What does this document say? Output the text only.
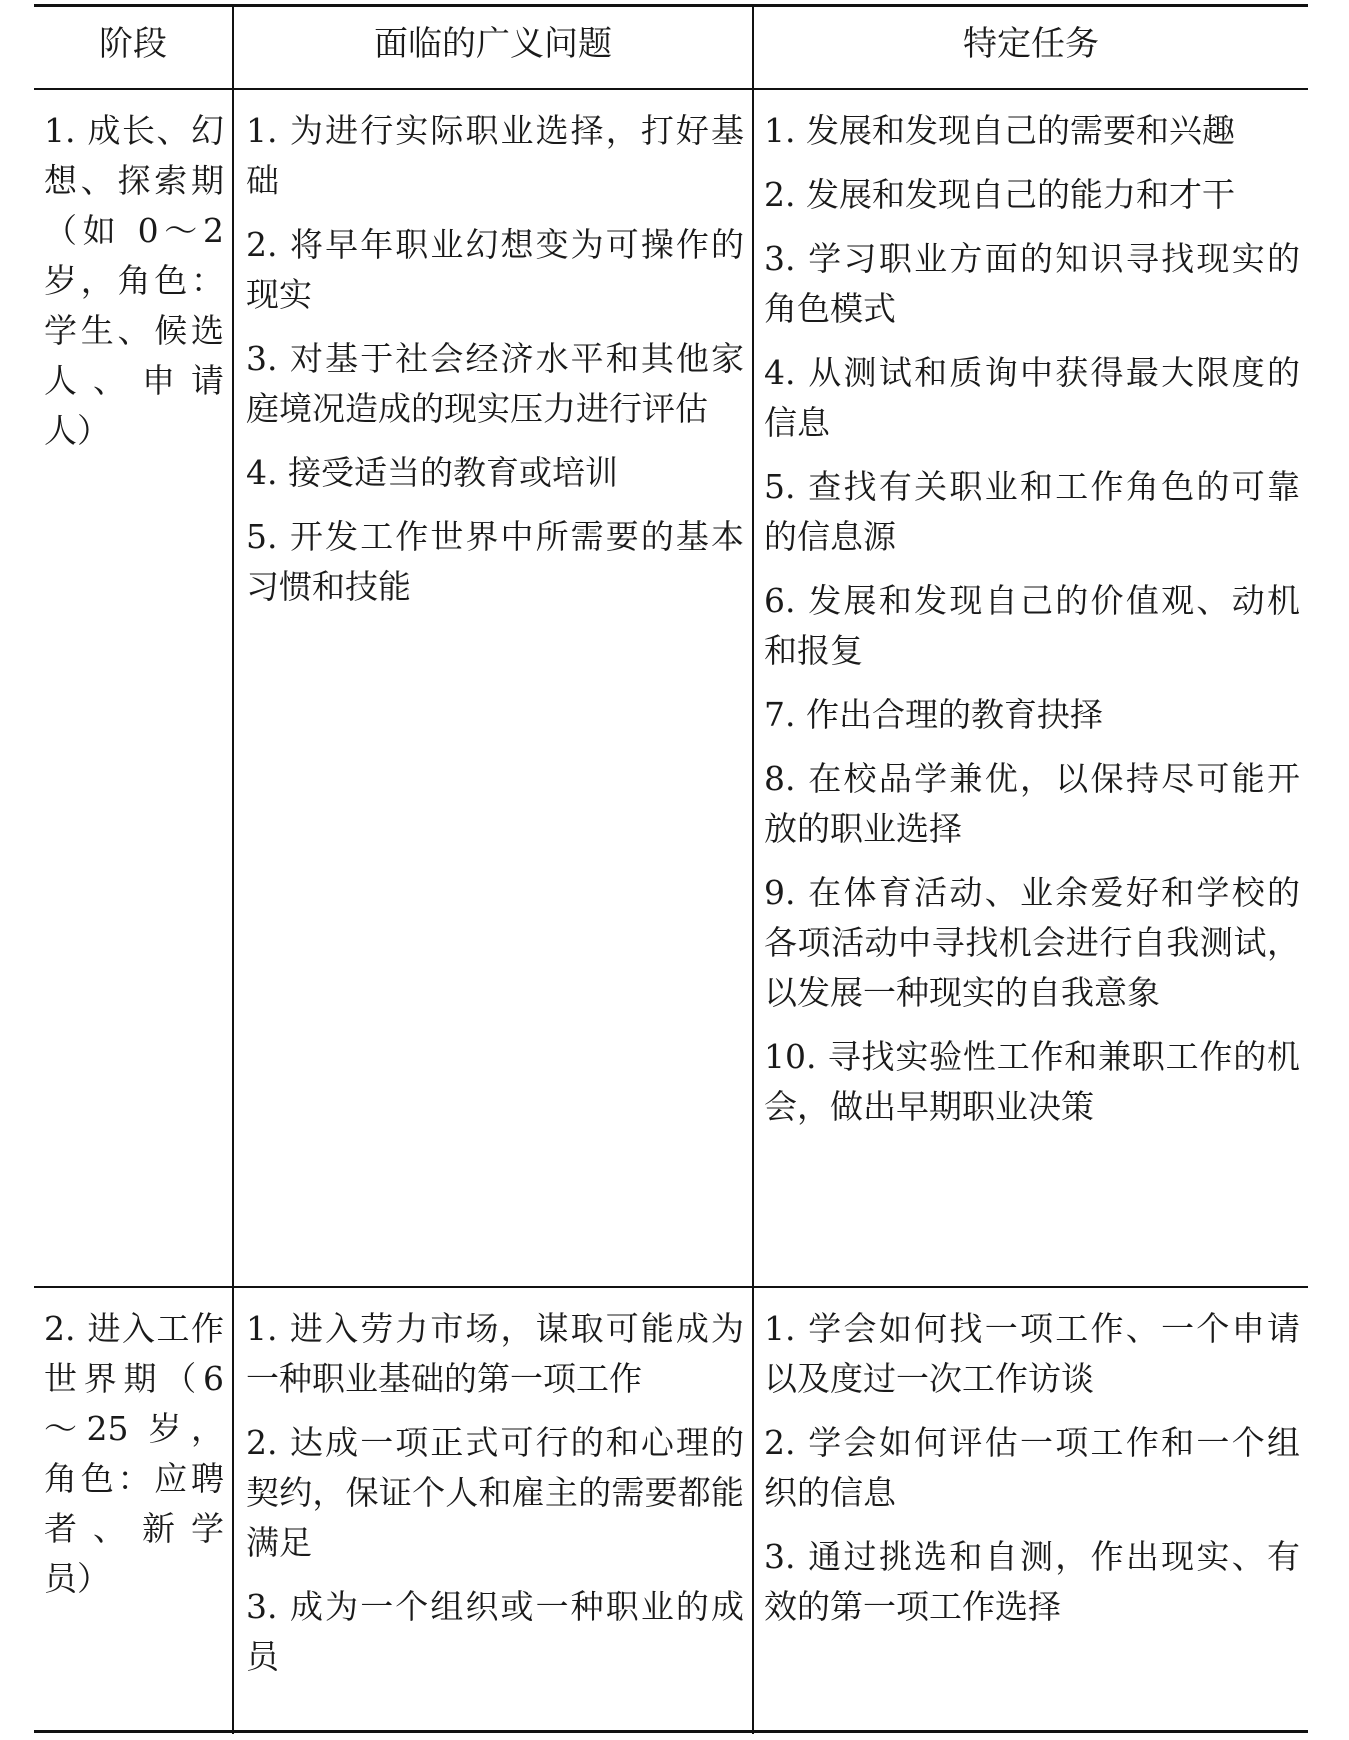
阶段	面临的广义问题	特定任务

1. 成长、幻想、探索期（如 0～2 岁，角色：学生、候选人、申请人）

1. 为进行实际职业选择，打好基础

2. 将早年职业幻想变为可操作的现实

3. 对基于社会经济水平和其他家庭境况造成的现实压力进行评估

4. 接受适当的教育或培训

5. 开发工作世界中所需要的基本习惯和技能

1. 发展和发现自己的需要和兴趣

2. 发展和发现自己的能力和才干

3. 学习职业方面的知识寻找现实的角色模式

4. 从测试和质询中获得最大限度的信息

5. 查找有关职业和工作角色的可靠的信息源

6. 发展和发现自己的价值观、动机和报复

7. 作出合理的教育抉择

8. 在校品学兼优，以保持尽可能开放的职业选择

9. 在体育活动、业余爱好和学校的各项活动中寻找机会进行自我测试，以发展一种现实的自我意象

10. 寻找实验性工作和兼职工作的机会，做出早期职业决策

2. 进入工作世界期（6～25 岁，角色：应聘者、新学员）

1. 进入劳力市场，谋取可能成为一种职业基础的第一项工作

2. 达成一项正式可行的和心理的契约，保证个人和雇主的需要都能满足

3. 成为一个组织或一种职业的成员

1. 学会如何找一项工作、一个申请以及度过一次工作访谈

2. 学会如何评估一项工作和一个组织的信息

3. 通过挑选和自测，作出现实、有效的第一项工作选择
